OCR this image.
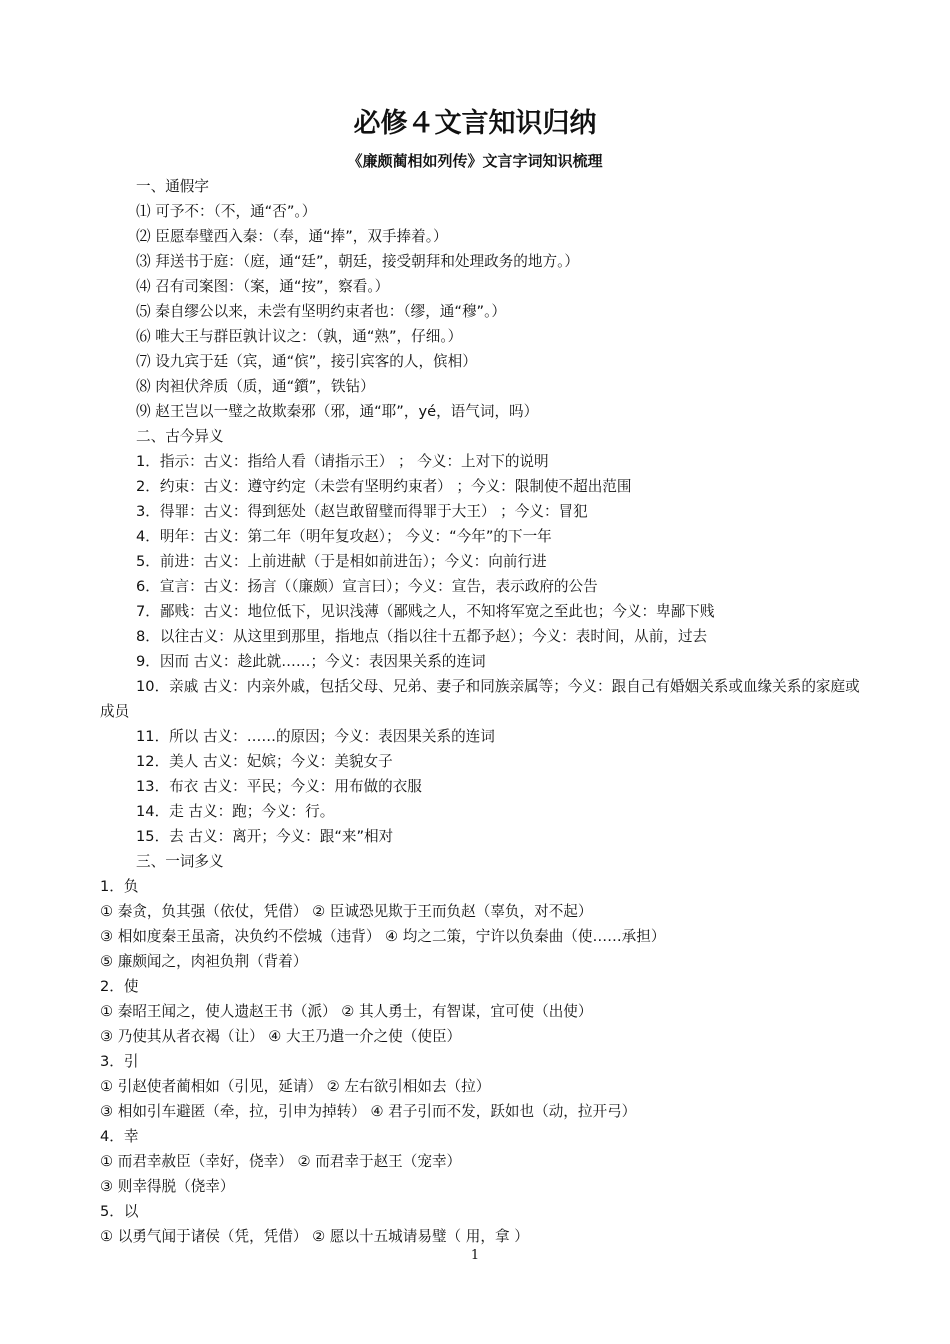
必修４文言知识归纳
《廉颇蔺相如列传》文言字词知识梳理
一、通假字
⑴ 可予不：（不，通“否”。）
⑵ 臣愿奉璧西入秦：（奉，通“捧”，双手捧着。）
⑶ 拜送书于庭：（庭，通“廷”，朝廷，接受朝拜和处理政务的地方。）
⑷ 召有司案图：（案，通“按”，察看。）
⑸ 秦自缪公以来，未尝有坚明约束者也：（缪，通“穆”。）
⑹ 唯大王与群臣孰计议之：（孰，通“熟”，仔细。）
⑺ 设九宾于廷（宾，通“傧”，接引宾客的人，傧相）
⑻ 肉袒伏斧质（质，通“鑕”，铁钻）
⑼ 赵王岂以一璧之故欺秦邪（邪，通“耶”，yé，语气词，吗）
二、古今异义
1．指示：古义：指给人看（请指示王） ； 今义：上对下的说明
2．约束：古义：遵守约定（未尝有坚明约束者） ；今义：限制使不超出范围
3．得罪：古义：得到惩处（赵岂敢留璧而得罪于大王） ；今义：冒犯
4．明年：古义：第二年（明年复攻赵）； 今义：“今年”的下一年
5．前进：古义：上前进献（于是相如前进缶）；今义：向前行进
6．宣言：古义：扬言（（廉颇）宣言曰）；今义：宣告，表示政府的公告
7．鄙贱：古义：地位低下，见识浅薄（鄙贱之人，不知将军宽之至此也；今义：卑鄙下贱
8．以往古义：从这里到那里，指地点（指以往十五都予赵）；今义：表时间，从前，过去
9．因而 古义：趁此就……；今义：表因果关系的连词
10．亲戚 古义：内亲外戚，包括父母、兄弟、妻子和同族亲属等；今义：跟自己有婚姻关系或血缘关系的家庭或成员
11．所以 古义：……的原因；今义：表因果关系的连词
12．美人 古义：妃嫔；今义：美貌女子
13．布衣 古义：平民；今义：用布做的衣服
14．走 古义：跑；今义：行。
15．去 古义：离开；今义：跟“来”相对
三、一词多义
1．负
① 秦贪，负其强（依仗，凭借） ② 臣诚恐见欺于王而负赵（辜负，对不起）
③ 相如度秦王虽斋，决负约不偿城（违背） ④ 均之二策，宁许以负秦曲（使……承担）
⑤ 廉颇闻之，肉袒负荆（背着）
2．使
① 秦昭王闻之，使人遗赵王书（派） ② 其人勇士，有智谋，宜可使（出使）
③ 乃使其从者衣褐（让） ④ 大王乃遣一介之使（使臣）
3．引
① 引赵使者蔺相如（引见，延请） ② 左右欲引相如去（拉）
③ 相如引车避匿（牵，拉，引申为掉转） ④ 君子引而不发，跃如也（动，拉开弓）
4．幸
① 而君幸赦臣（幸好，侥幸） ② 而君幸于赵王（宠幸）
③ 则幸得脱（侥幸）
5．以
① 以勇气闻于诸侯（凭，凭借） ② 愿以十五城请易璧（ 用，拿 ）
1
